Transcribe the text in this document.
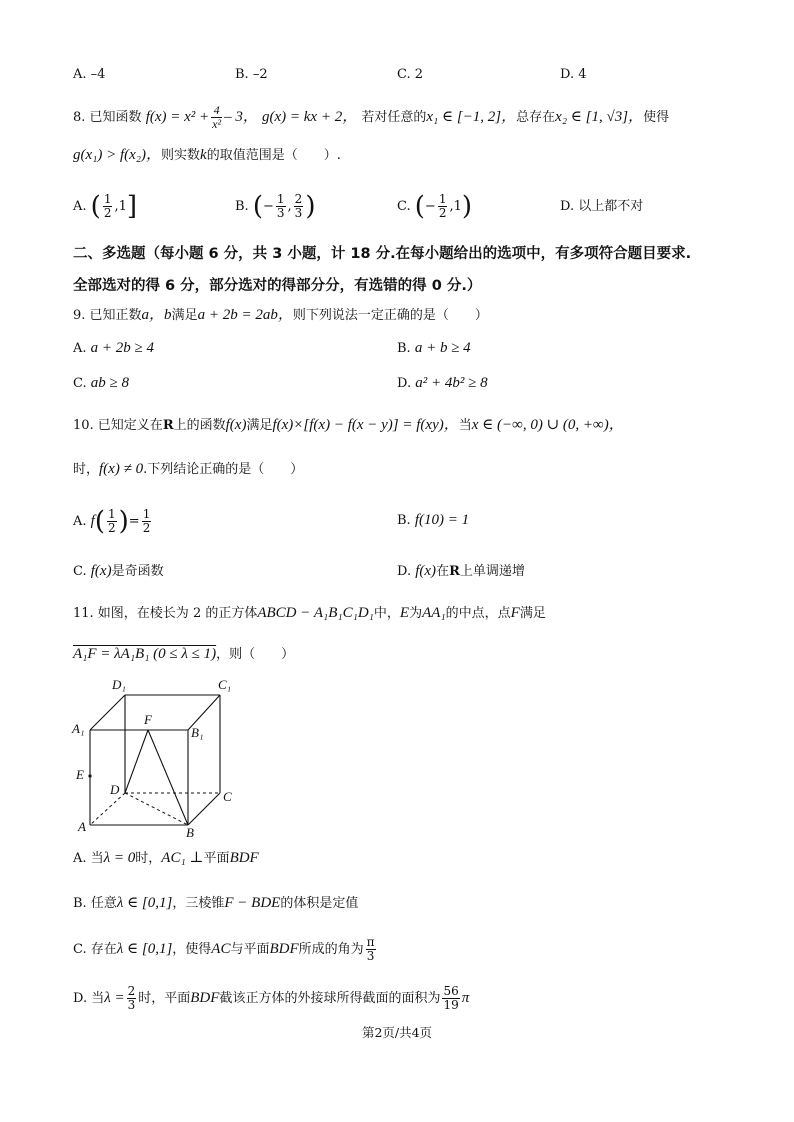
A. –4	B. –2	C. 2	D. 4
8. 已知函数 $f(x) = x^2 + \frac{4}{\text{x²}} - 3$， g(x) = kx + 2， 若对任意的x₁ ∈ [−1, 2]，总存在x₂ ∈ [1, √3]，使得
g(x₁) > f(x₂)，则实数k的取值范围是（　　）.
A. ( $\frac{1}{2} ,1$]	B. (− $\frac{1}{3}$ , $\frac{2}{3}$ )	C. (− $\frac{1}{2} ,1$)	D. 以上都不对
二、多选题（每小题 6 分，共 3 小题，计 18 分.在每小题给出的选项中，有多项符合题目要求.
全部选对的得 6 分，部分选对的得部分分，有选错的得 0 分.）
9. 已知正数a，b满足a + 2b = 2ab，则下列说法一定正确的是（　　）
A. a + 2b ≥ 4	B. a + b ≥ 4
C. ab ≥ 8	D. a² + 4b² ≥ 8
10. 已知定义在R上的函数f(x)满足f(x)×[f(x) − f(x − y)] = f(xy)，当x ∈ (−∞, 0) ∪ (0, +∞)，
时，f(x) ≠ 0.下列结论正确的是（　　）
A. $f( \frac{1}{2}$ )= $\frac{1}{2}$	B. f(10) = 1
C. f(x)是奇函数	D. f(x)在R上单调递增
11. 如图，在棱长为 2 的正方体ABCD − A₁B₁C₁D₁中，E为AA₁的中点，点F满足
A₁F = λA₁B₁ (0 ≤ λ ≤ 1)，则（　　）
D₁	C₁
A₁	B₁
F
E
D	C
A	B
A. 当λ = 0时，AC₁ ⊥平面BDF
B. 任意λ ∈ [0,1]，三棱锥F − BDE的体积是定值
C. 存在λ ∈ [0,1]，使得AC与平面BDF所成的角为 $\frac{\pi}{3}$
D. 当$\lambda = \frac{2}{3}$ 时，平面BDF截该正方体的外接球所得截面的面积为 $\frac{56}{19}$ π
第2页/共4页
